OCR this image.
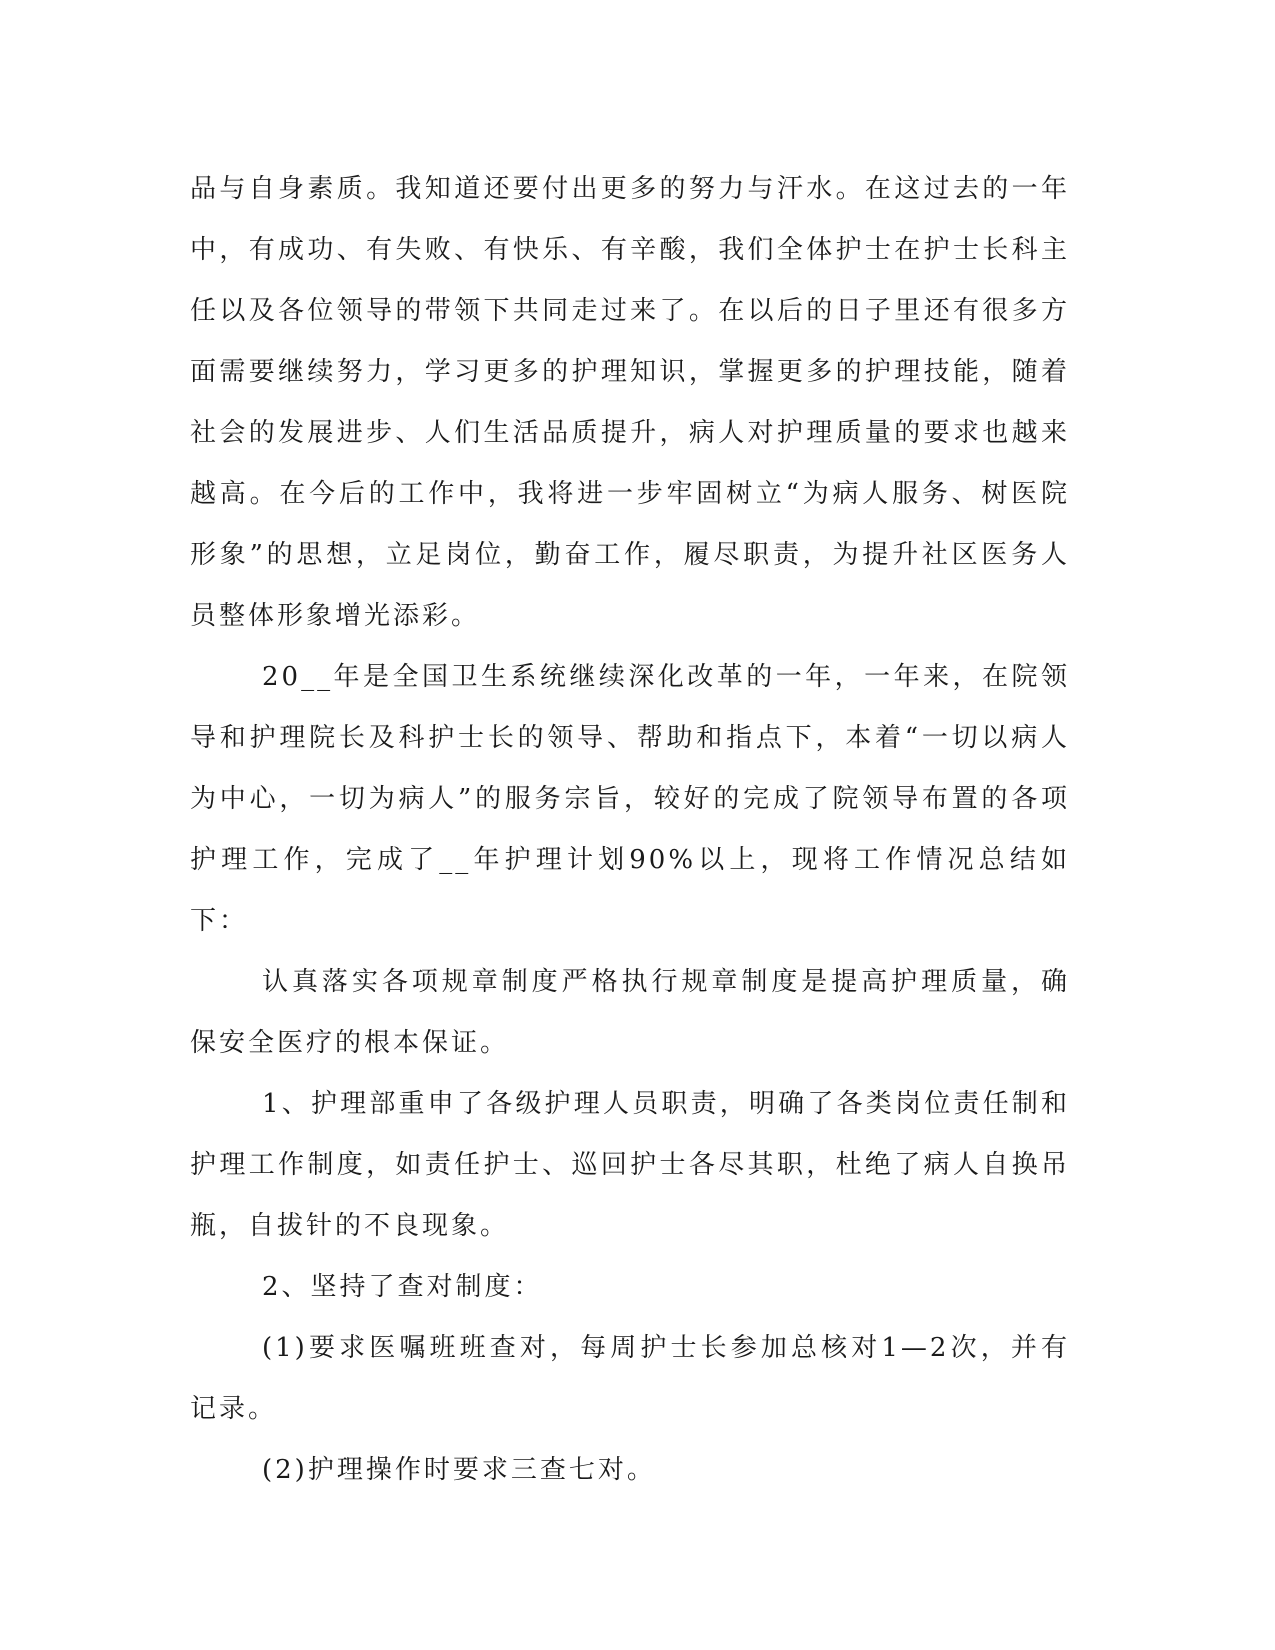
品与自身素质。我知道还要付出更多的努力与汗水。在这过去的一年中，有成功、有失败、有快乐、有辛酸，我们全体护士在护士长科主任以及各位领导的带领下共同走过来了。在以后的日子里还有很多方面需要继续努力，学习更多的护理知识，掌握更多的护理技能，随着社会的发展进步、人们生活品质提升，病人对护理质量的要求也越来越高。在今后的工作中，我将进一步牢固树立“为病人服务、树医院形象”的思想，立足岗位，勤奋工作，履尽职责，为提升社区医务人员整体形象增光添彩。

20__年是全国卫生系统继续深化改革的一年，一年来，在院领导和护理院长及科护士长的领导、帮助和指点下，本着“一切以病人为中心，一切为病人”的服务宗旨，较好的完成了院领导布置的各项护理工作，完成了__年护理计划90%以上，现将工作情况总结如下：

认真落实各项规章制度严格执行规章制度是提高护理质量，确保安全医疗的根本保证。

1、护理部重申了各级护理人员职责，明确了各类岗位责任制和护理工作制度，如责任护士、巡回护士各尽其职，杜绝了病人自换吊瓶，自拔针的不良现象。

2、坚持了查对制度：

(1)要求医嘱班班查对，每周护士长参加总核对1—2次，并有记录。

(2)护理操作时要求三查七对。
